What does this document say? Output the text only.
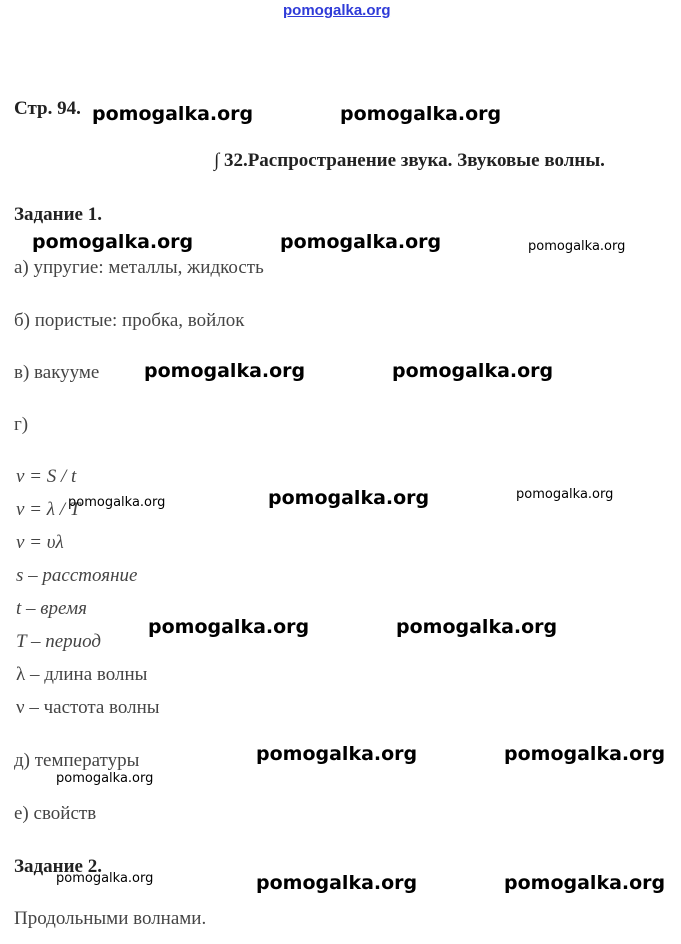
pomogalka.org
Стр. 94.
∫ 32.Распространение звука. Звуковые волны.
Задание 1.
а) упругие: металлы, жидкость
б) пористые: пробка, войлок
в) вакууме
г)
v = S / t
v = λ / T
v = υλ
s – расстояние
t – время
T – период
λ – длина волны
ν – частота волны
д) температуры
е) свойств
Задание 2.
Продольными волнами.
pomogalka.org	pomogalka.org
pomogalka.org	pomogalka.org	pomogalka.org
pomogalka.org	pomogalka.org
pomogalka.org	pomogalka.org	pomogalka.org
pomogalka.org	pomogalka.org
pomogalka.org	pomogalka.org
pomogalka.org
pomogalka.org	pomogalka.org	pomogalka.org
